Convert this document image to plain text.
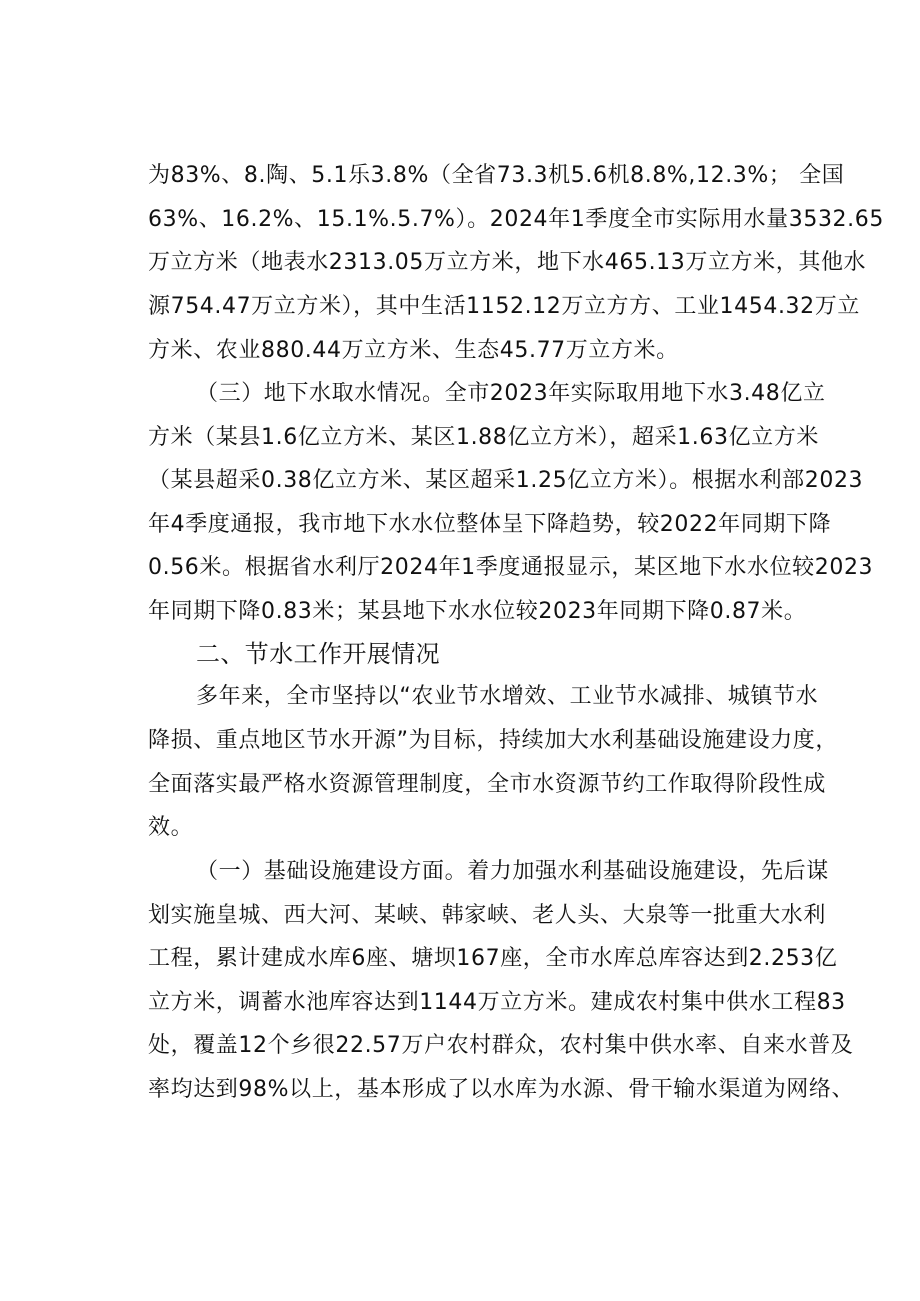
为83%、8.陶、5.1乐3.8%（全省73.3机5.6机8.8%,12.3%； 全国
63%、16.2%、15.1%.5.7%）。2024年1季度全市实际用水量3532.65
万立方米（地表水2313.05万立方米，地下水465.13万立方米，其他水
源754.47万立方米），其中生活1152.12万立方方、工业1454.32万立
方米、农业880.44万立方米、生态45.77万立方米。
（三）地下水取水情况。全市2023年实际取用地下水3.48亿立
方米（某县1.6亿立方米、某区1.88亿立方米），超采1.63亿立方米
（某县超采0.38亿立方米、某区超采1.25亿立方米）。根据水利部2023
年4季度通报，我市地下水水位整体呈下降趋势，较2022年同期下降
0.56米。根据省水利厅2024年1季度通报显示，某区地下水水位较2023
年同期下降0.83米；某县地下水水位较2023年同期下降0.87米。
二、节水工作开展情况
多年来，全市坚持以“农业节水增效、工业节水减排、城镇节水
降损、重点地区节水开源”为目标，持续加大水利基础设施建设力度，
全面落实最严格水资源管理制度，全市水资源节约工作取得阶段性成
效。
（一）基础设施建设方面。着力加强水利基础设施建设，先后谋
划实施皇城、西大河、某峡、韩家峡、老人头、大泉等一批重大水利
工程，累计建成水库6座、塘坝167座，全市水库总库容达到2.253亿
立方米，调蓄水池库容达到1144万立方米。建成农村集中供水工程83
处，覆盖12个乡很22.57万户农村群众，农村集中供水率、自来水普及
率均达到98%以上，基本形成了以水库为水源、骨干输水渠道为网络、
